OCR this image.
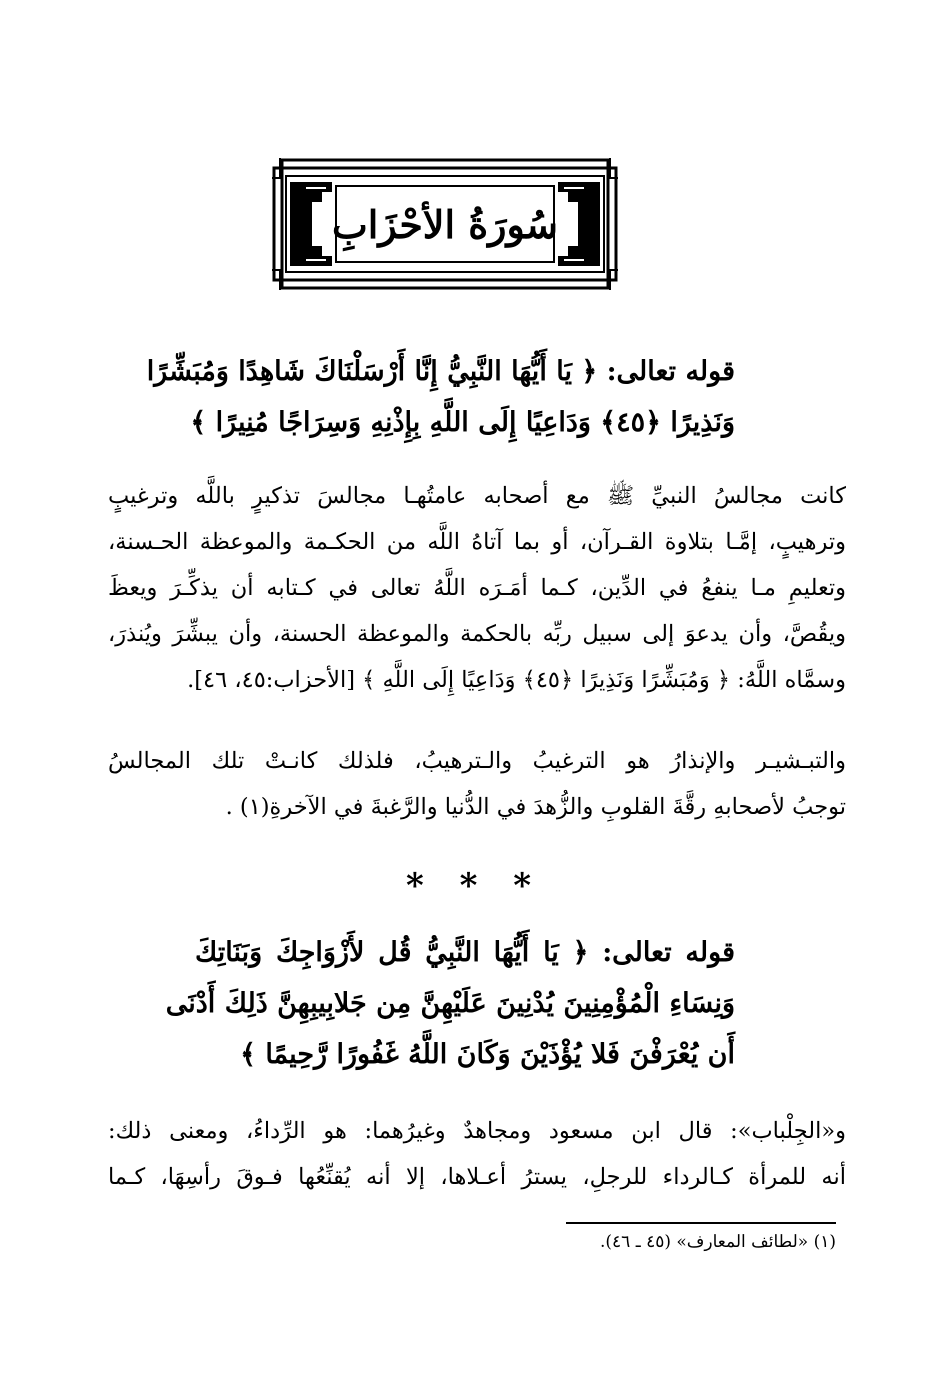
سُورَةُ الأحْزَابِ
قوله تعالى: ﴿ يَا أَيُّهَا النَّبِيُّ إِنَّا أَرْسَلْنَاكَ شَاهِدًا وَمُبَشِّرًا
وَنَذِيرًا ﴿٤٥﴾ وَدَاعِيًا إِلَى اللَّهِ بِإِذْنِهِ وَسِرَاجًا مُنِيرًا ﴾
كانت مجالسُ النبيِّ ﷺ مع أصحابه عامتُهـا مجالسَ تذكيرٍ باللَّه وترغيبٍ
وترهيبٍ، إمَّـا بتلاوة القـرآن، أو بما آتاهُ اللَّه من الحكـمة والموعظة الحـسنة،
وتعليمِ مـا ينفعُ في الدِّين، كـما أمَـرَه اللَّهُ تعالى في كـتابه أن يذكِّـرَ ويعظَ
ويقُصَّ، وأن يدعوَ إلى سبيل ربِّه بالحكمة والموعظة الحسنة، وأن يبشِّرَ ويُنذرَ،
وسمَّاه اللَّهُ: ﴿ وَمُبَشِّرًا وَنَذِيرًا ﴿٤٥﴾ وَدَاعِيًا إِلَى اللَّهِ ﴾ [الأحزاب:٤٥، ٤٦].
والتبـشيـر والإنذارُ هو الترغيبُ والـترهيبُ، فلذلك كانـتْ تلك المجالسُ
توجبُ لأصحابهِ رقَّةَ القلوبِ والزُّهدَ في الدُّنيا والرَّغبةَ في الآخرةِ(١) .
* * *
قوله تعالى: ﴿ يَا أَيُّهَا النَّبِيُّ قُل لأَزْوَاجِكَ وَبَنَاتِكَ
وَنِسَاءِ الْمُؤْمِنِينَ يُدْنِينَ عَلَيْهِنَّ مِن جَلابِيبِهِنَّ ذَلِكَ أَدْنَى
أَن يُعْرَفْنَ فَلا يُؤْذَيْنَ وَكَانَ اللَّهُ غَفُورًا رَّحِيمًا ﴾
و«الجِلْباب»: قال ابن مسعود ومجاهدٌ وغيرُهما: هو الرِّداءُ، ومعنى ذلك:
أنه للمرأة كـالرداء للرجلِ، يسترُ أعـلاها، إلا أنه يُقنِّعُها فـوقَ رأسِهَا، كـما
(١) «لطائف المعارف» (٤٥ ـ ٤٦).
